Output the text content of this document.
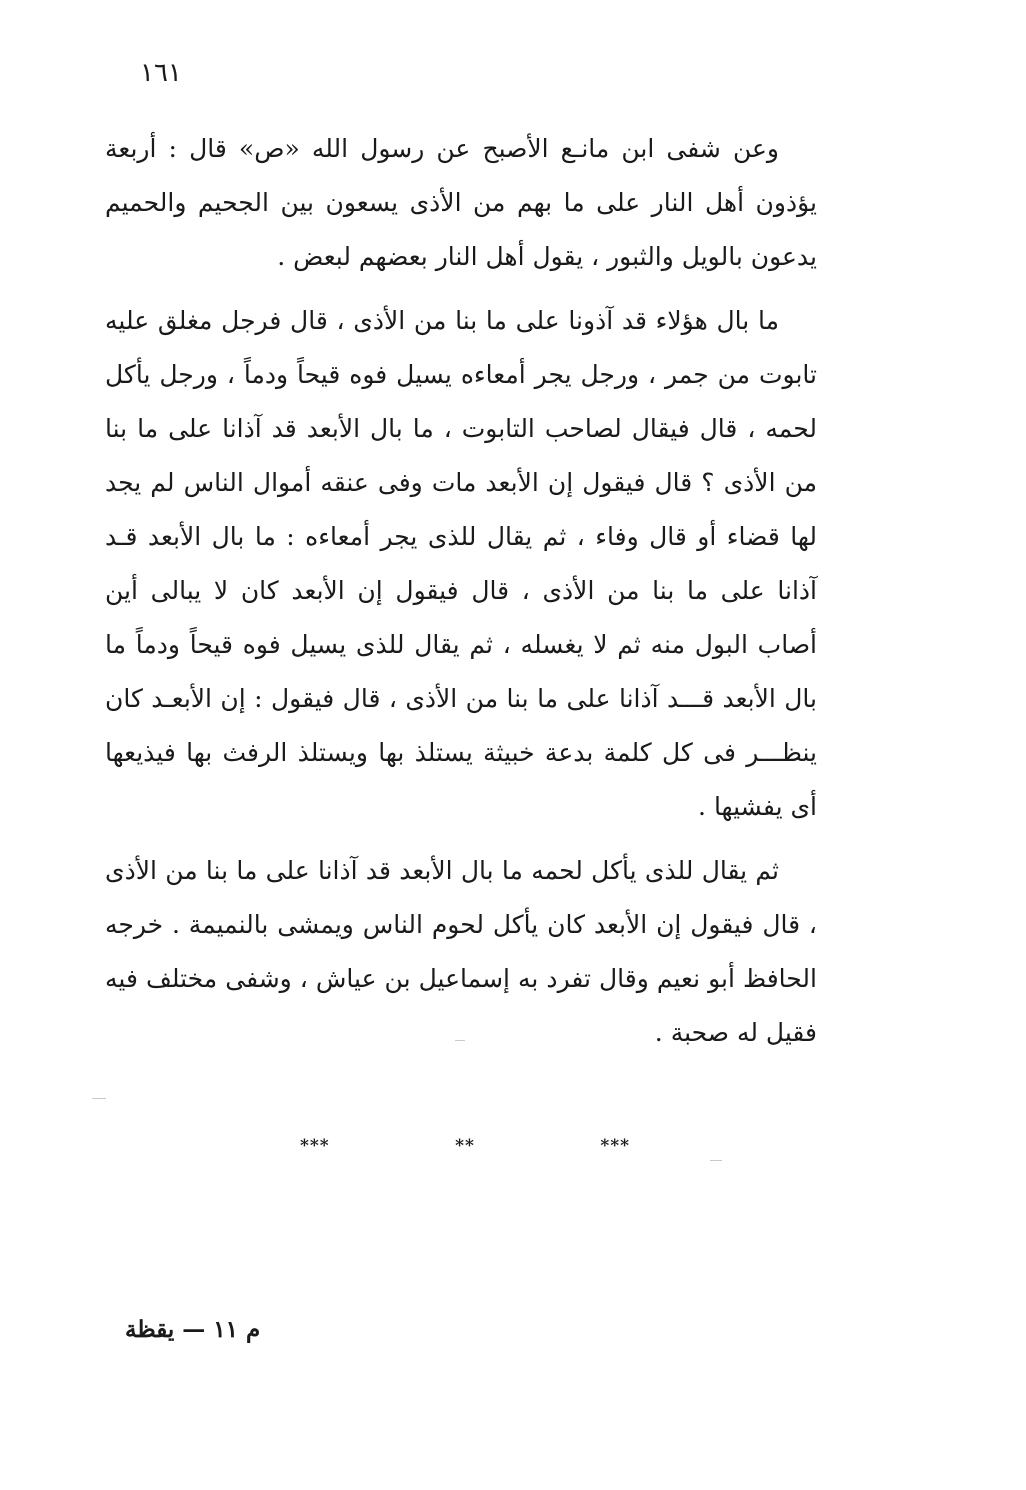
١٦١

وعن شفى ابن مانـع الأصبح عن رسول الله «ص» قال : أربعة يؤذون أهل النار على ما بهم من الأذى يسعون بين الجحيم والحميم يدعون بالويل والثبور ، يقول أهل النار بعضهم لبعض .

ما بال هؤلاء قد آذونا على ما بنا من الأذى ، قال فرجل مغلق عليه تابوت من جمر ، ورجل يجر أمعاءه يسيل فوه قيحاً ودماً ، ورجل يأكل لحمه ، قال فيقال لصاحب التابوت ، ما بال الأبعد قد آذانا على ما بنا من الأذى ؟ قال فيقول إن الأبعد مات وفى عنقه أموال الناس لم يجد لها قضاء أو قال وفاء ، ثم يقال للذى يجر أمعاءه : ما بال الأبعد قـد آذانا على ما بنا من الأذى ، قال فيقول إن الأبعد كان لا يبالى أين أصاب البول منه ثم لا يغسله ، ثم يقال للذى يسيل فوه قيحاً ودماً ما بال الأبعد قـــد آذانا على ما بنا من الأذى ، قال فيقول : إن الأبعـد كان ينظـــر فى كل كلمة بدعة خبيثة يستلذ بها ويستلذ الرفث بها فيذيعها أى يفشيها .

ثم يقال للذى يأكل لحمه ما بال الأبعد قد آذانا على ما بنا من الأذى ، قال فيقول إن الأبعد كان يأكل لحوم الناس ويمشى بالنميمة . خرجه الحافظ أبو نعيم وقال تفرد به إسماعيل بن عياش ، وشفى مختلف فيه فقيل له صحبة .

***	**	***
م ١١ — يقظة
